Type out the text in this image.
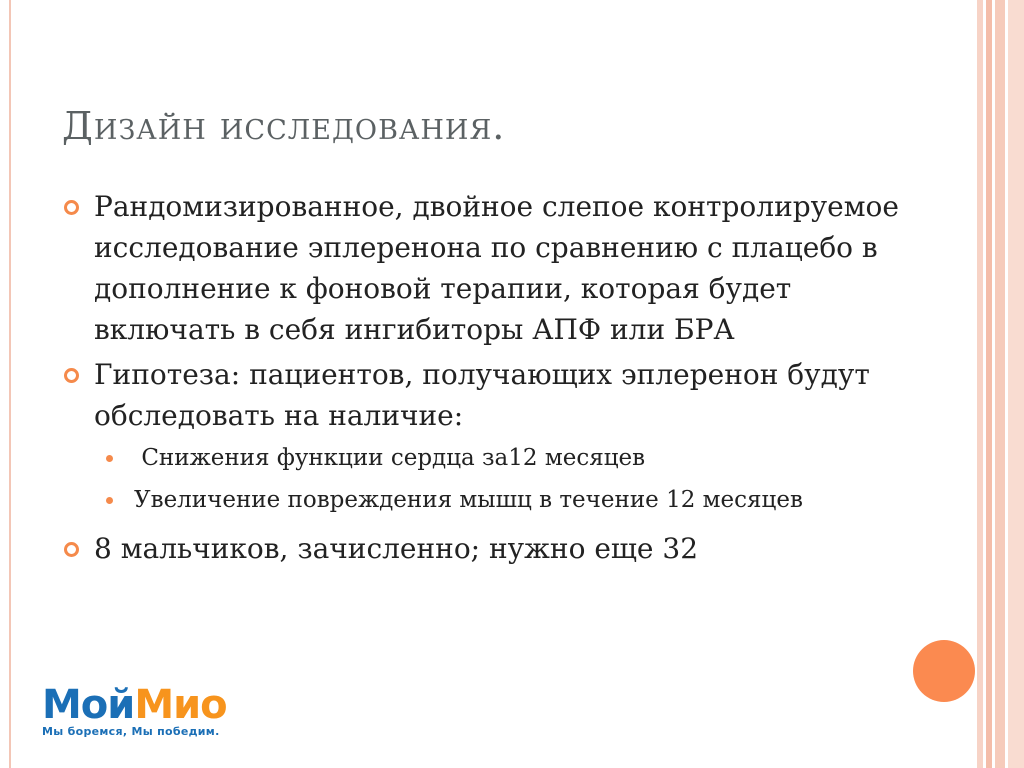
Дизайн исследования.
Рандомизированное, двойное слепое контролируемое исследование эплеренона по сравнению с плацебо в дополнение к фоновой терапии, которая будет включать в себя ингибиторы АПФ или БРА
Гипотеза: пациентов, получающих эплеренон будут обследовать на наличие:
Снижения функции сердца за12 месяцев
Увеличение повреждения мышц в течение 12 месяцев
8 мальчиков, зачисленно; нужно еще 32
МойМио
Мы боремся, Мы победим.
